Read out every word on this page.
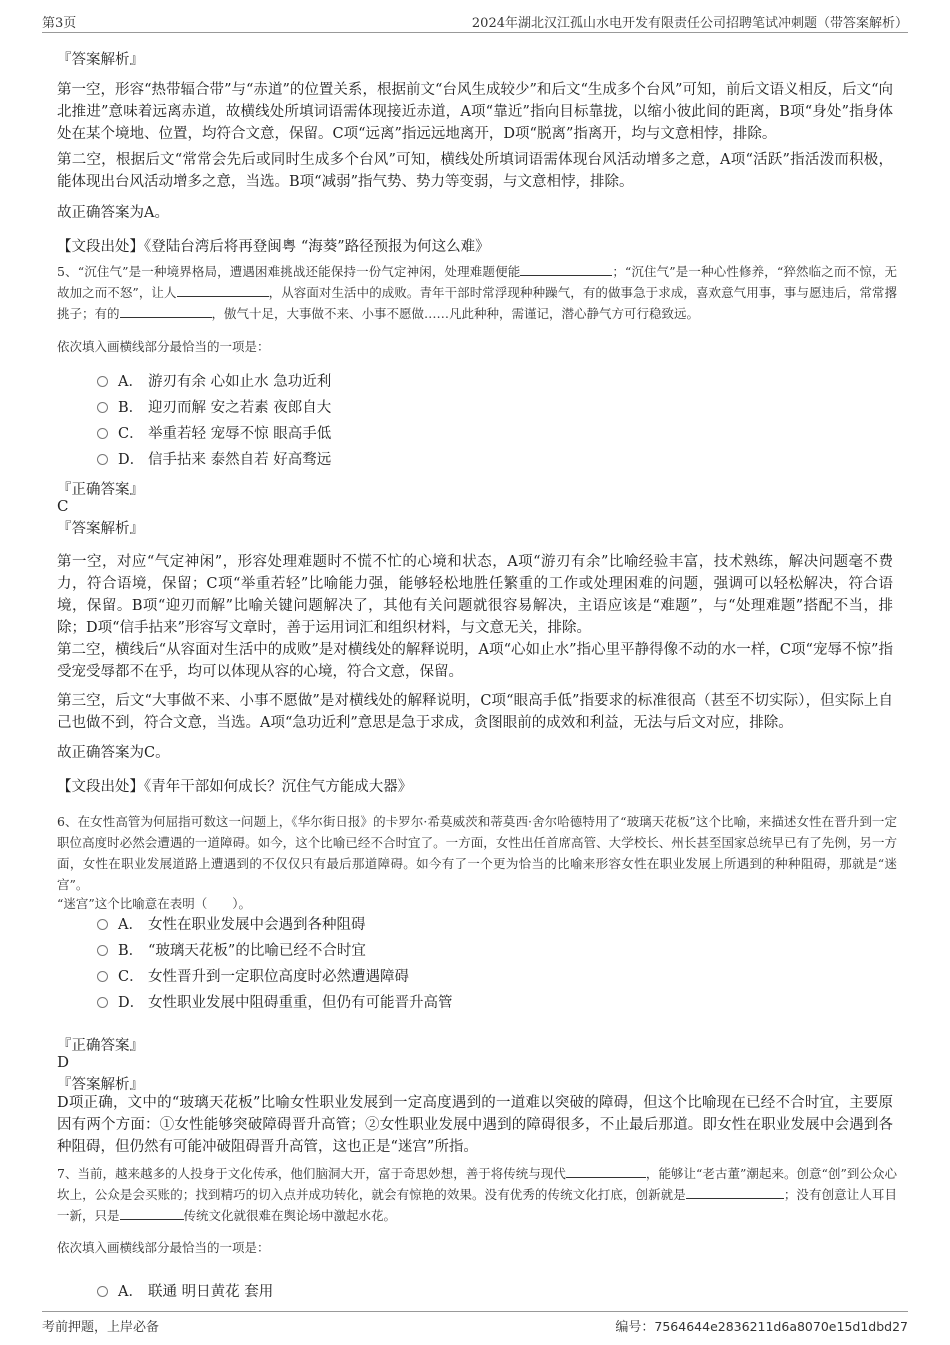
第3页	2024年湖北汉江孤山水电开发有限责任公司招聘笔试冲刺题（带答案解析）
『答案解析』
第一空，形容“热带辐合带”与“赤道”的位置关系，根据前文“台风生成较少”和后文“生成多个台风”可知，前后文语义相反，后文“向北推进”意味着远离赤道，故横线处所填词语需体现接近赤道，A项“靠近”指向目标靠拢，以缩小彼此间的距离，B项“身处”指身体处在某个境地、位置，均符合文意，保留。C项“远离”指远远地离开，D项“脱离”指离开，均与文意相悖，排除。
第二空，根据后文“常常会先后或同时生成多个台风”可知，横线处所填词语需体现台风活动增多之意，A项“活跃”指活泼而积极，能体现出台风活动增多之意，当选。B项“减弱”指气势、势力等变弱，与文意相悖，排除。
故正确答案为A。
【文段出处】《登陆台湾后将再登闽粤 “海葵”路径预报为何这么难》
5、“沉住气”是一种境界格局，遭遇困难挑战还能保持一份气定神闲，处理难题便能	；“沉住气”是一种心性修养，“猝然临之而不惊，无故加之而不怒”，让人	，从容面对生活中的成败。青年干部时常浮现种种躁气，有的做事急于求成，喜欢意气用事，事与愿违后，常常撂挑子；有的	，傲气十足，大事做不来、小事不愿做……凡此种种，需谨记，潜心静气方可行稳致远。
依次填入画横线部分最恰当的一项是：
A． 游刃有余 心如止水 急功近利
B． 迎刃而解 安之若素 夜郎自大
C． 举重若轻 宠辱不惊 眼高手低
D． 信手拈来 泰然自若 好高骛远
『正确答案』
C
『答案解析』
第一空，对应“气定神闲”，形容处理难题时不慌不忙的心境和状态，A项“游刃有余”比喻经验丰富，技术熟练，解决问题毫不费力，符合语境，保留；C项“举重若轻”比喻能力强，能够轻松地胜任繁重的工作或处理困难的问题，强调可以轻松解决，符合语境，保留。B项“迎刃而解”比喻关键问题解决了，其他有关问题就很容易解决，主语应该是“难题”，与“处理难题”搭配不当，排除；D项“信手拈来”形容写文章时，善于运用词汇和组织材料，与文意无关，排除。
第二空，横线后“从容面对生活中的成败”是对横线处的解释说明，A项“心如止水”指心里平静得像不动的水一样，C项“宠辱不惊”指受宠受辱都不在乎，均可以体现从容的心境，符合文意，保留。
第三空，后文“大事做不来、小事不愿做”是对横线处的解释说明，C项“眼高手低”指要求的标准很高（甚至不切实际），但实际上自己也做不到，符合文意，当选。A项“急功近利”意思是急于求成，贪图眼前的成效和利益，无法与后文对应，排除。
故正确答案为C。
【文段出处】《青年干部如何成长？沉住气方能成大器》
6、在女性高管为何屈指可数这一问题上，《华尔街日报》的卡罗尔·希莫威茨和蒂莫西·舍尔哈德特用了“玻璃天花板”这个比喻，来描述女性在晋升到一定职位高度时必然会遭遇的一道障碍。如今，这个比喻已经不合时宜了。一方面，女性出任首席高管、大学校长、州长甚至国家总统早已有了先例，另一方面，女性在职业发展道路上遭遇到的不仅仅只有最后那道障碍。如今有了一个更为恰当的比喻来形容女性在职业发展上所遇到的种种阻碍，那就是“迷宫”。
“迷宫”这个比喻意在表明（　　）。
A． 女性在职业发展中会遇到各种阻碍
B． “玻璃天花板”的比喻已经不合时宜
C． 女性晋升到一定职位高度时必然遭遇障碍
D． 女性职业发展中阻碍重重，但仍有可能晋升高管
『正确答案』
D
『答案解析』
D项正确，文中的“玻璃天花板”比喻女性职业发展到一定高度遇到的一道难以突破的障碍，但这个比喻现在已经不合时宜，主要原因有两个方面：①女性能够突破障碍晋升高管；②女性职业发展中遇到的障碍很多，不止最后那道。即女性在职业发展中会遇到各种阻碍，但仍然有可能冲破阻碍晋升高管，这也正是“迷宫”所指。
7、当前，越来越多的人投身于文化传承，他们脑洞大开，富于奇思妙想，善于将传统与现代	，能够让“老古董”潮起来。创意“创”到公众心坎上，公众是会买账的；找到精巧的切入点并成功转化，就会有惊艳的效果。没有优秀的传统文化打底，创新就是	；没有创意让人耳目一新，只是	传统文化就很难在舆论场中激起水花。
依次填入画横线部分最恰当的一项是：
A． 联通 明日黄花 套用
考前押题，上岸必备	编号：7564644e2836211d6a8070e15d1dbd27
